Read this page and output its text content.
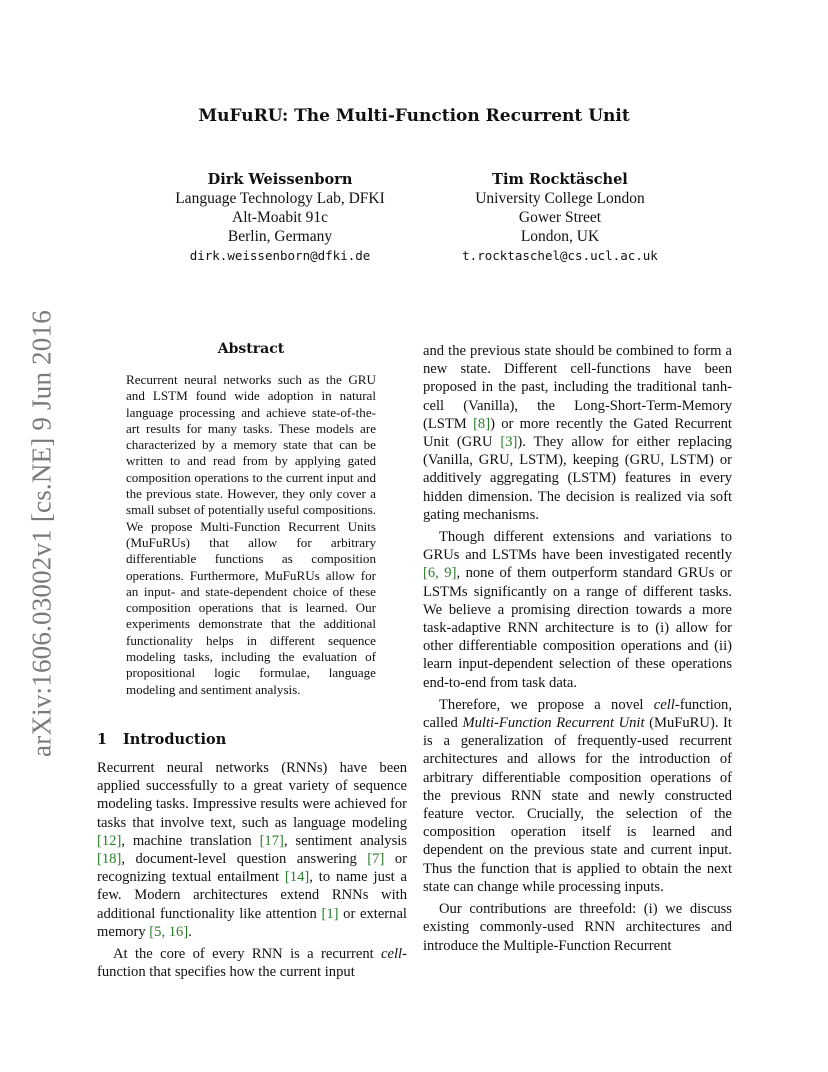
arXiv:1606.03002v1 [cs.NE] 9 Jun 2016
MuFuRU: The Multi-Function Recurrent Unit
Dirk Weissenborn
Language Technology Lab, DFKI
Alt-Moabit 91c
Berlin, Germany
dirk.weissenborn@dfki.de
Tim Rocktäschel
University College London
Gower Street
London, UK
t.rocktaschel@cs.ucl.ac.uk
Abstract
Recurrent neural networks such as the GRU and LSTM found wide adoption in natural language processing and achieve state-of-the-art results for many tasks. These models are characterized by a memory state that can be written to and read from by applying gated composition operations to the current input and the previous state. However, they only cover a small subset of potentially useful compositions. We propose Multi-Function Recurrent Units (MuFuRUs) that allow for arbitrary differentiable functions as composition operations. Furthermore, MuFuRUs allow for an input- and state-dependent choice of these composition operations that is learned. Our experiments demonstrate that the additional functionality helps in different sequence modeling tasks, including the evaluation of propositional logic formulae, language modeling and sentiment analysis.
1 Introduction

Recurrent neural networks (RNNs) have been applied successfully to a great variety of sequence modeling tasks. Impressive results were achieved for tasks that involve text, such as language modeling [12], machine translation [17], sentiment analysis [18], document-level question answering [7] or recognizing textual entailment [14], to name just a few. Modern architectures extend RNNs with additional functionality like attention [1] or external memory [5, 16].

At the core of every RNN is a recurrent cell-function that specifies how the current input

and the previous state should be combined to form a new state. Different cell-functions have been proposed in the past, including the traditional tanh-cell (Vanilla), the Long-Short-Term-Memory (LSTM [8]) or more recently the Gated Recurrent Unit (GRU [3]). They allow for either replacing (Vanilla, GRU, LSTM), keeping (GRU, LSTM) or additively aggregating (LSTM) features in every hidden dimension. The decision is realized via soft gating mechanisms.

Though different extensions and variations to GRUs and LSTMs have been investigated recently [6, 9], none of them outperform standard GRUs or LSTMs significantly on a range of different tasks. We believe a promising direction towards a more task-adaptive RNN architecture is to (i) allow for other differentiable composition operations and (ii) learn input-dependent selection of these operations end-to-end from task data.

Therefore, we propose a novel cell-function, called Multi-Function Recurrent Unit (MuFuRU). It is a generalization of frequently-used recurrent architectures and allows for the introduction of arbitrary differentiable composition operations of the previous RNN state and newly constructed feature vector. Crucially, the selection of the composition operation itself is learned and dependent on the previous state and current input. Thus the function that is applied to obtain the next state can change while processing inputs.

Our contributions are threefold: (i) we discuss existing commonly-used RNN architectures and introduce the Multiple-Function Recurrent
